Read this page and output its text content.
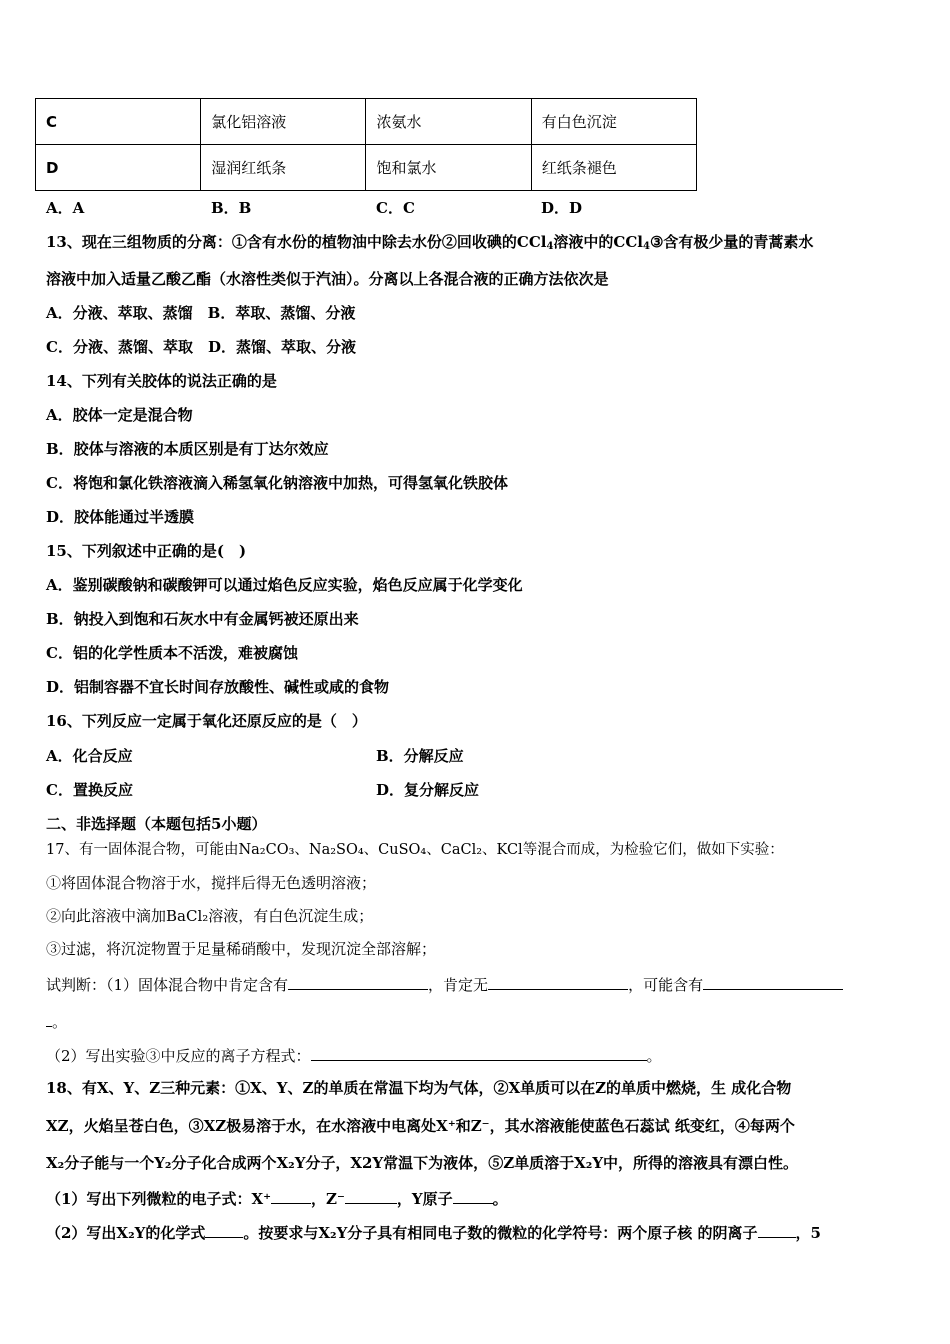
C	氯化铝溶液	浓氨水	有白色沉淀
D	湿润红纸条	饱和氯水	红纸条褪色
A．A	B．B	C．C	D．D
13、现在三组物质的分离：①含有水份的植物油中除去水份②回收碘的CCl$_4$溶液中的CCl$_4$③含有极少量的青蒿素水
溶液中加入适量乙酸乙酯（水溶性类似于汽油）。分离以上各混合液的正确方法依次是
A．分液、萃取、蒸馏　B．萃取、蒸馏、分液
C．分液、蒸馏、萃取　D．蒸馏、萃取、分液
14、下列有关胶体的说法正确的是
A．胶体一定是混合物
B．胶体与溶液的本质区别是有丁达尔效应
C．将饱和氯化铁溶液滴入稀氢氧化钠溶液中加热，可得氢氧化铁胶体
D．胶体能通过半透膜
15、下列叙述中正确的是(　)
A．鉴别碳酸钠和碳酸钾可以通过焰色反应实验，焰色反应属于化学变化
B．钠投入到饱和石灰水中有金属钙被还原出来
C．铝的化学性质本不活泼，难被腐蚀
D．铝制容器不宜长时间存放酸性、碱性或咸的食物
16、下列反应一定属于氧化还原反应的是（　）
A．化合反应	B．分解反应
C．置换反应	D．复分解反应
二、非选择题（本题包括5小题）
17、有一固体混合物，可能由Na₂CO₃、Na₂SO₄、CuSO₄、CaCl₂、KCl等混合而成，为检验它们，做如下实验：
①将固体混合物溶于水，搅拌后得无色透明溶液；
②向此溶液中滴加BaCl₂溶液，有白色沉淀生成；
③过滤，将沉淀物置于足量稀硝酸中，发现沉淀全部溶解；
试判断：（1）固体混合物中肯定含有	，肯定无	，可能含有
。
（2）写出实验③中反应的离子方程式：	。
18、有X、Y、Z三种元素：①X、Y、Z的单质在常温下均为气体，②X单质可以在Z的单质中燃烧，生 成化合物
XZ，火焰呈苍白色，③XZ极易溶于水，在水溶液中电离处X⁺和Z⁻，其水溶液能使蓝色石蕊试 纸变红，④每两个
X₂分子能与一个Y₂分子化合成两个X₂Y分子，X2Y常温下为液体，⑤Z单质溶于X₂Y中，所得的溶液具有漂白性。
（1）写出下列微粒的电子式：X⁺	，Z⁻	，Y原子	。
（2）写出X₂Y的化学式	。按要求与X₂Y分子具有相同电子数的微粒的化学符号：两个原子核 的阴离子	，5
